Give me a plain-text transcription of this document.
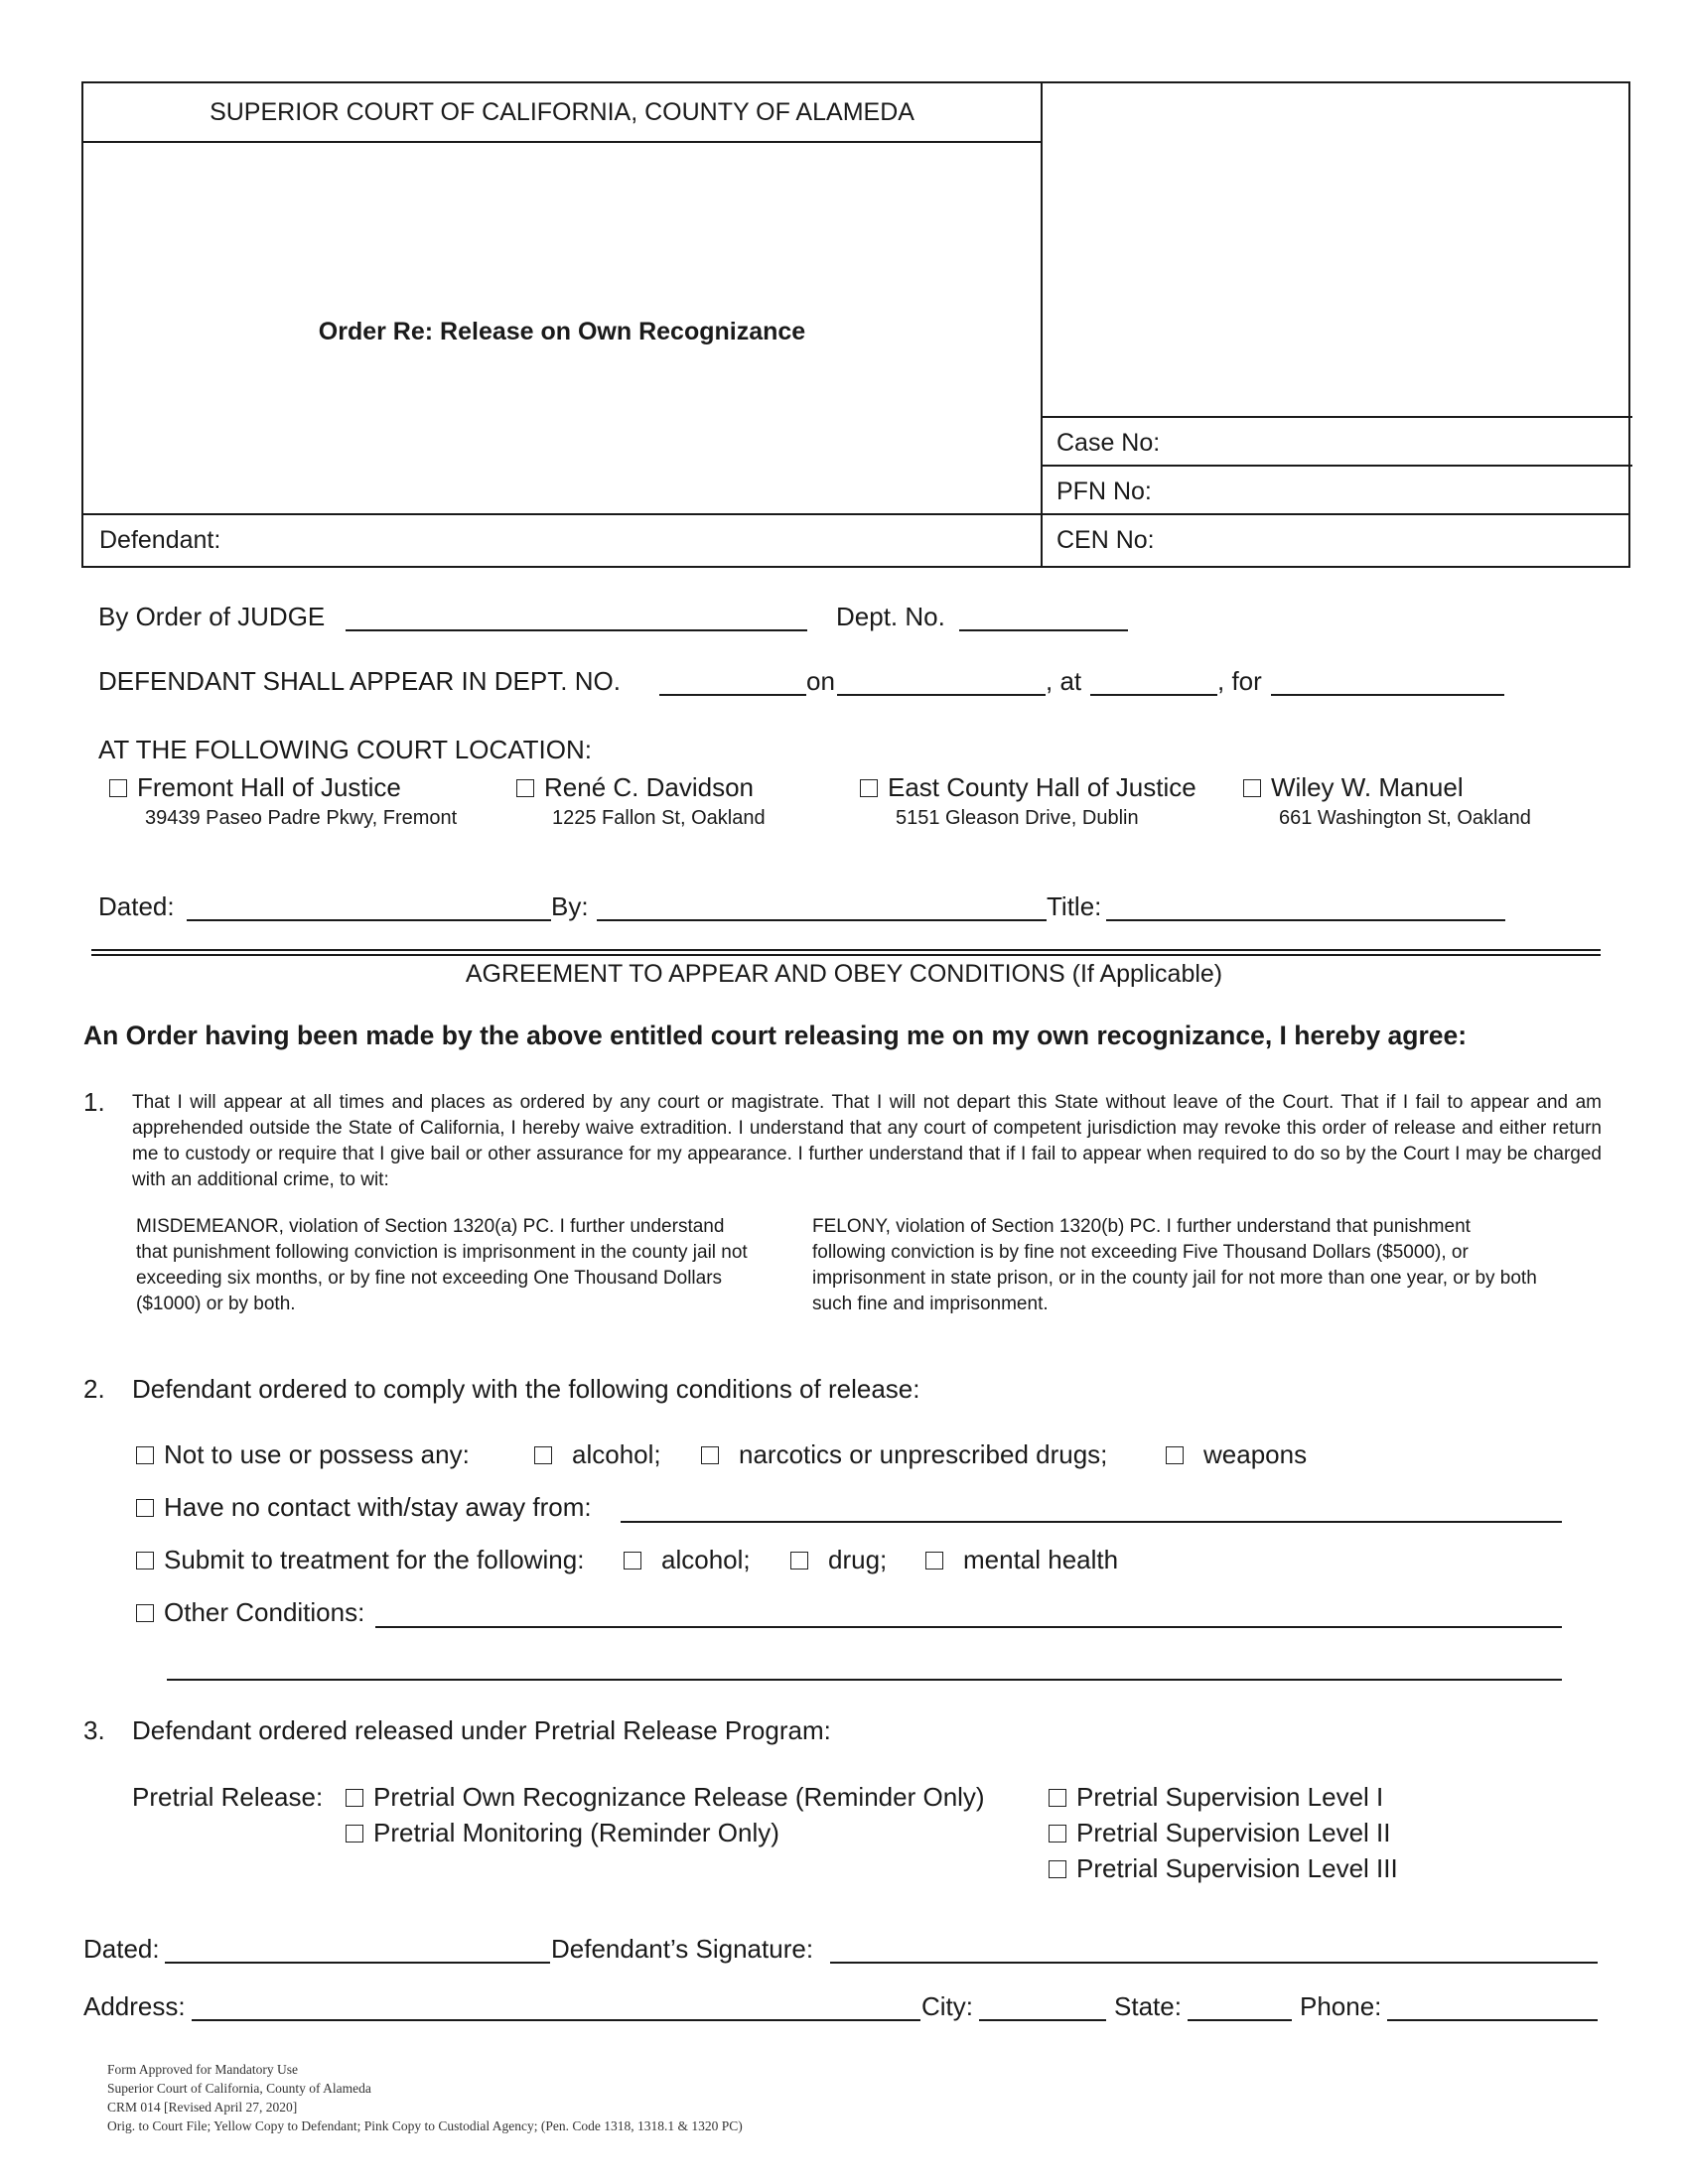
SUPERIOR COURT OF CALIFORNIA, COUNTY OF ALAMEDA
Order Re: Release on Own Recognizance
Defendant:
Case No:
PFN No:
CEN No:
By Order of JUDGE	Dept. No.
DEFENDANT SHALL APPEAR IN DEPT. NO.	on	, at	, for
AT THE FOLLOWING COURT LOCATION:
Fremont Hall of Justice
39439 Paseo Padre Pkwy, Fremont
René C. Davidson
1225 Fallon St, Oakland
East County Hall of Justice
5151 Gleason Drive, Dublin
Wiley W. Manuel
661 Washington St, Oakland
Dated:	By:	Title:
AGREEMENT TO APPEAR AND OBEY CONDITIONS (If Applicable)
An Order having been made by the above entitled court releasing me on my own recognizance, I hereby agree:
1. That I will appear at all times and places as ordered by any court or magistrate. That I will not depart this State without leave of the Court. That if I fail to appear and am apprehended outside the State of California, I hereby waive extradition. I understand that any court of competent jurisdiction may revoke this order of release and either return me to custody or require that I give bail or other assurance for my appearance. I further understand that if I fail to appear when required to do so by the Court I may be charged with an additional crime, to wit:
MISDEMEANOR, violation of Section 1320(a) PC. I further understand that punishment following conviction is imprisonment in the county jail not exceeding six months, or by fine not exceeding One Thousand Dollars ($1000) or by both.
FELONY, violation of Section 1320(b) PC. I further understand that punishment following conviction is by fine not exceeding Five Thousand Dollars ($5000), or imprisonment in state prison, or in the county jail for not more than one year, or by both such fine and imprisonment.
2. Defendant ordered to comply with the following conditions of release:
Not to use or possess any:	alcohol;	narcotics or unprescribed drugs;	weapons
Have no contact with/stay away from:
Submit to treatment for the following:	alcohol;	drug;	mental health
Other Conditions:
3. Defendant ordered released under Pretrial Release Program:
Pretrial Release:	Pretrial Own Recognizance Release (Reminder Only)
Pretrial Monitoring (Reminder Only)
Pretrial Supervision Level I
Pretrial Supervision Level II
Pretrial Supervision Level III
Dated:	Defendant’s Signature:
Address:	City:	State:	Phone:
Form Approved for Mandatory Use
Superior Court of California, County of Alameda
CRM 014 [Revised April 27, 2020]
Orig. to Court File; Yellow Copy to Defendant; Pink Copy to Custodial Agency; (Pen. Code 1318, 1318.1 & 1320 PC)
